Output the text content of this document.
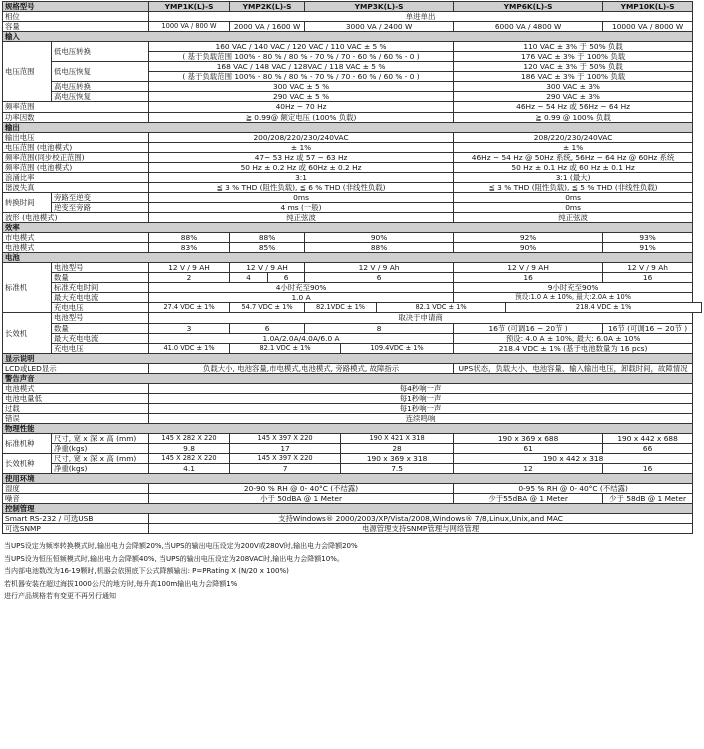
规格型号		YMP1K(L)-S	YMP2K(L)-S		YMP3K(L)-S			YMP6K(L)-S		YMP10K(L)-S
相位		单进单出								
容量		1000 VA / 800 W	2000 VA / 1600 W		3000 VA / 2400 W			6000 VA / 4800 W		10000 VA / 8000 W
输入										
电压范围	低电压转换	160 VAC / 140 VAC / 120 VAC / 110 VAC ± 5 %						110 VAC ± 3% 于 50% 负载		
		( 基于负载范围 100% - 80 % / 80 % - 70 % / 70 - 60 % / 60 % - 0 )						176 VAC ± 3% 于 100% 负载		
	低电压恢复	168 VAC / 148 VAC / 128VAC / 118 VAC ± 5 %						120 VAC ± 3% 于 50% 负载		
		( 基于负载范围 100% - 80 % / 80 % - 70 % / 70 - 60 % / 60 % - 0 )						186 VAC ± 3% 于 100% 负载		
	高电压转换	300 VAC ± 5 %						300 VAC ± 3%		

	高电压恢复	290 VAC ± 5 %						290 VAC ± 3%		

频率范围		40Hz ~ 70 Hz						46Hz ~ 54 Hz 或 56Hz ~ 64 Hz		
功率因数		≧ 0.99@ 额定电压 (100% 负载)						≧ 0.99 @ 100% 负载		
输出										
输出电压		200/208/220/230/240VAC						208/220/230/240VAC		
电压范围 (电池模式)		± 1%						± 1%		
频率范围(同步校正范围)		47~ 53 Hz 或 57 ~ 63 Hz						46Hz ~ 54 Hz @ 50Hz 系统, 56Hz ~ 64 Hz @ 60Hz 系统		
频率范围 (电池模式)		50 Hz ± 0.2 Hz 或 60Hz ± 0.2 Hz						50 Hz ± 0.1 Hz 或 60 Hz ± 0.1 Hz		
浪涌比率		3:1						3:1 (最大)		
谐波失真		≦ 3 % THD (阻性负载), ≦ 6 % THD (非线性负载)						≦ 3 % THD (阻性负载), ≦ 5 % THD (非线性负载)		

转换时间	旁路至逆变	0ms						0ms		
	逆变至旁路	4 ms (一般)						0ms		
波形 (电池模式)		纯正弦波						纯正弦波		
效率										
市电模式		88%	88%		90%			92%		93%
电池模式		83%	85%		88%			90%		91%
电池										
标准机	电池型号	12 V / 9 AH	12 V / 9 AH		12 V / 9 Ah			12 V / 9 AH		12 V / 9 Ah
	数量	2	4	6	6			16		16
	标准充电时间	4小时充至90%						9小时充至90%		
	最大充电电流	1.0 A						预设:1.0 A ± 10%, 最大:2.0A ± 10%		
	充电电压	27.4 VDC ± 1%	54.7 VDC ± 1%		82.1VDC ± 1%		82.1 VDC ± 1%		218.4 VDC ± 1%	
长效机	电池型号	取决于申请商								
	数量	3	6		8			16节 (可调16 ~ 20节 )		16节 (可调16 ~ 20节 )
	最大充电电流	1.0A/2.0A/4.0A/6.0 A						预设: 4.0 A ± 10%, 最大: 6.0A ± 10%		
	充电电压	41.0 VDC ± 1%	82.1 VDC ± 1%			109.4VDC ± 1%		218.4 VDC ± 1% (基于电池数量为 16 pcs)		
显示说明										
LCD或LED显示		负载大小, 电池容量,市电模式,电池模式, 旁路模式, 故障指示						UPS状态，负载大小、电池容量、输入输出电压，卸载时间，故障情况		
警告声音										
电池模式		每4秒响一声								
电池电量低		每1秒响一声								
过载		每1秒响一声								
错误		连续鸣响								
物理性能										
标准机种	尺寸, 宽 x 深 x 高 (mm)	145 X 282 X 220	145 X 397 X 220			190 X 421 X 318		190 x 369 x 688		190 x 442 x 688
	净重(kgs)	9.8	17			28		61		66
长效机种	尺寸, 宽 x 深 x 高 (mm)	145 X 282 X 220	145 X 397 X 220			190 x 369 x 318		190 x 442 x 318		
	净重(kgs)	4.1	7			7.5		12		16
使用环境										
湿度		20-90 % RH @ 0- 40°C (不结露)						0-95 % RH @ 0- 40°C (不结露)		
噪音		小于 50dBA @ 1 Meter						少于55dBA @ 1 Meter		少于 58dB @ 1 Meter
控制管理										
Smart RS-232 / 可选USB		支持Windows® 2000/2003/XP/Vista/2008,Windows® 7/8,Linux,Unix,and MAC								
可选SNMP		电源管理支持SNMP管理与网络管理								
当UPS设定为频率转换模式时,输出电力会降额20%,当UPS的输出电压设定为200V或280V时,输出电力会降额20%
当UPS设为恒压恒频模式时,输出电力会降额40%, 当UPS的输出电压设定为208VAC时,输出电力会降额10%。
当内部电池数改为16-19颗时,机器会依照底下公式降额输出: P=PRating X (N/20 x 100%)
若机器安装在超过海拔1000公尺的地方时,每升高100m输出电力会降额1%
进行产品规格若有变更不再另行通知
